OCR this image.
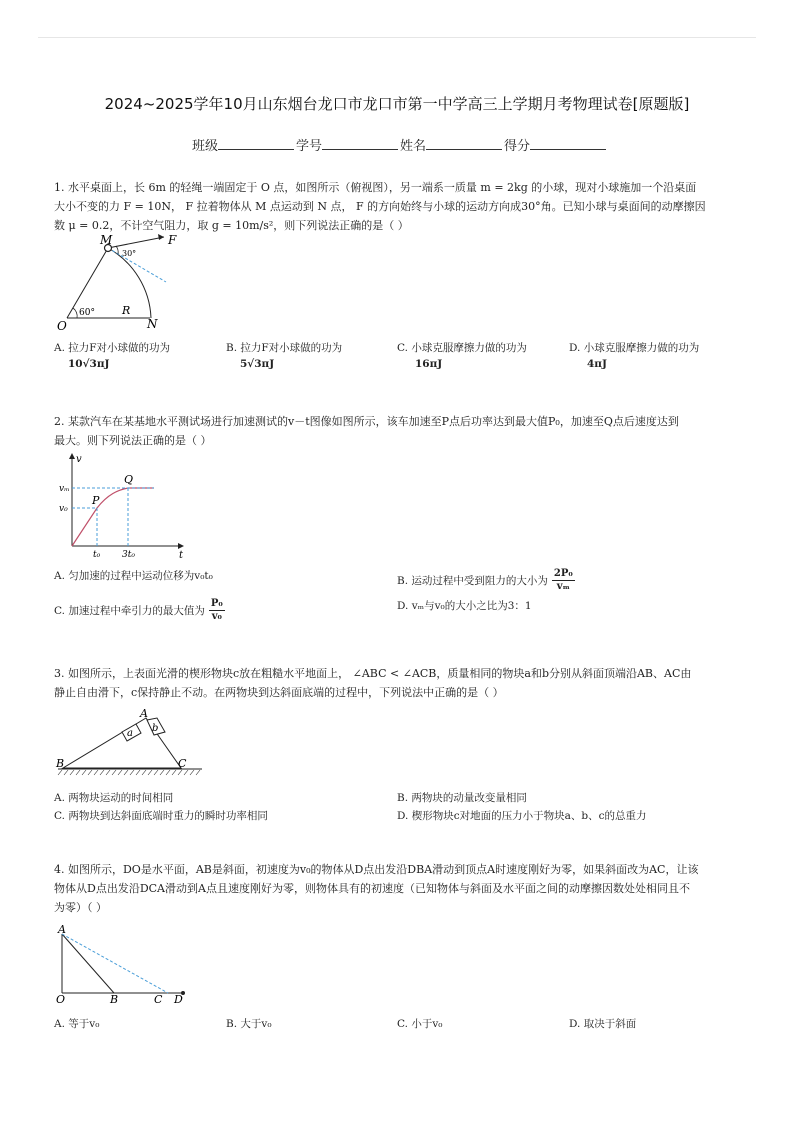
2024~2025学年10月山东烟台龙口市龙口市第一中学高三上学期月考物理试卷[原题版]
班级	学号	姓名	得分
1. 水平桌面上，长 6m 的轻绳一端固定于 O 点，如图所示（俯视图），另一端系一质量 m = 2kg 的小球，现对小球施加一个沿桌面
大小不变的力 F = 10N， F 拉着物体从 M 点运动到 N 点， F 的方向始终与小球的运动方向成30°角。已知小球与桌面间的动摩擦因
数 μ = 0.2，不计空气阻力，取 g = 10m/s²，则下列说法正确的是（ ）
M	F
30°
60° R
O	N
A. 拉力F对小球做的功为
10√3πJ
B. 拉力F对小球做的功为
5√3πJ
C. 小球克服摩擦力做的功为
16πJ
D. 小球克服摩擦力做的功为
4πJ
2. 某款汽车在某基地水平测试场进行加速测试的v－t图像如图所示，该车加速至P点后功率达到最大值P₀，加速至Q点后速度达到
最大。则下列说法正确的是（ ）
v
t
vₘ
v₀
P
Q
t₀ 3t₀
A. 匀加速的过程中运动位移为v₀t₀	B. 运动过程中受到阻力的大小为 $\frac{\text{2P₀}}{\text{vₘ}}$
C. 加速过程中牵引力的最大值为 $\frac{\text{P₀}}{\text{v₀}}$	D. vₘ与v₀的大小之比为3：1
3. 如图所示，上表面光滑的楔形物块c放在粗糙水平地面上， ∠ABC < ∠ACB，质量相同的物块a和b分别从斜面顶端沿AB、AC由
静止自由滑下，c保持静止不动。在两物块到达斜面底端的过程中，下列说法中正确的是（ ）
a b
A
B	C
A. 两物块运动的时间相同	B. 两物块的动量改变量相同
C. 两物块到达斜面底端时重力的瞬时功率相同	D. 楔形物块c对地面的压力小于物块a、b、c的总重力
4. 如图所示，DO是水平面，AB是斜面，初速度为v₀的物体从D点出发沿DBA滑动到顶点A时速度刚好为零，如果斜面改为AC，让该
物体从D点出发沿DCA滑动到A点且速度刚好为零，则物体具有的初速度（已知物体与斜面及水平面之间的动摩擦因数处处相同且不
为零）（ ）
A
O	B	C D
A. 等于v₀	B. 大于v₀	C. 小于v₀	D. 取决于斜面
